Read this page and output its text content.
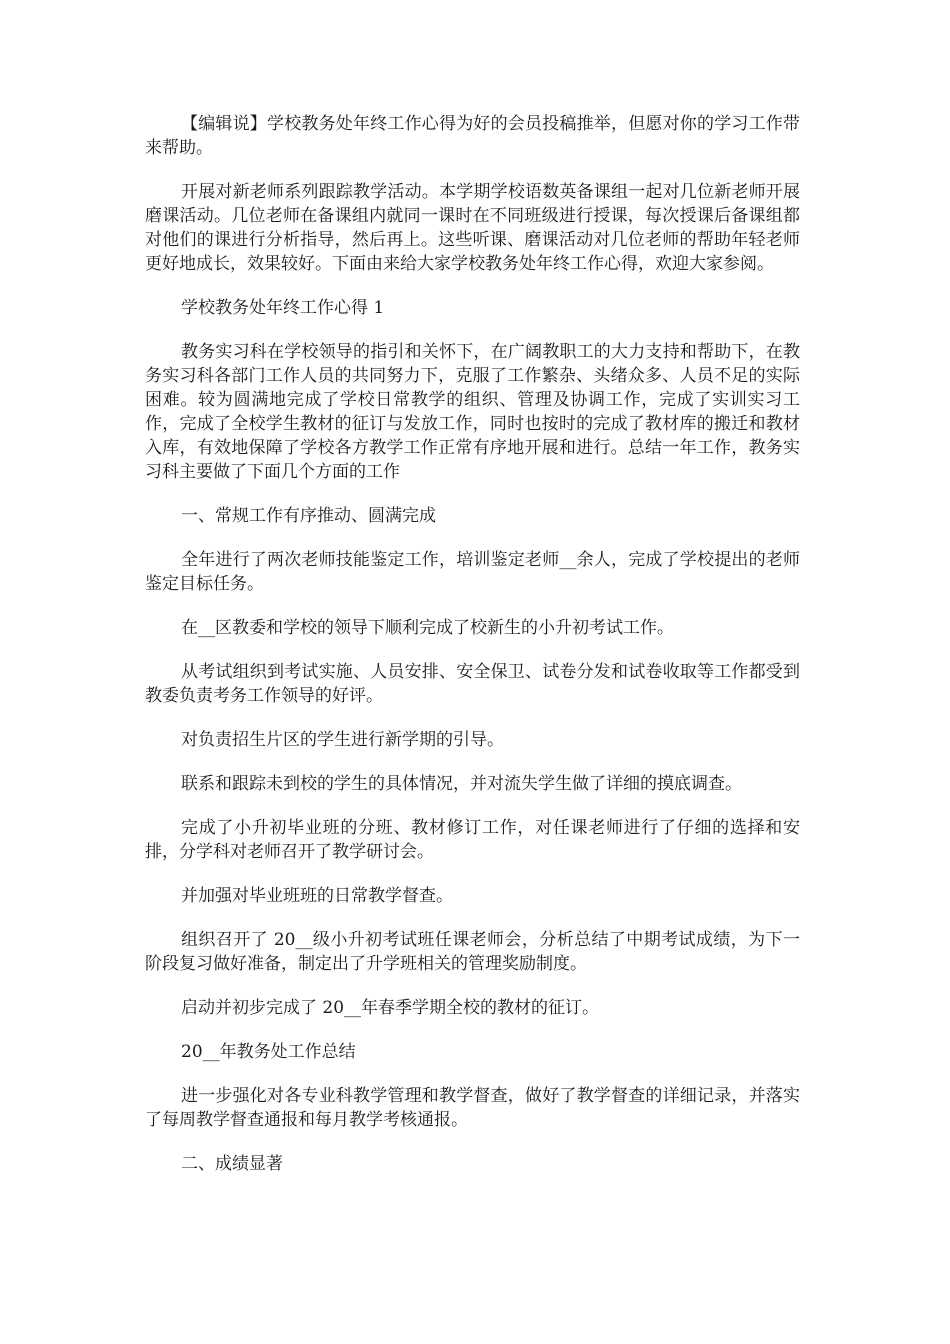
【编辑说】学校教务处年终工作心得为好的会员投稿推举，但愿对你的学习工作带来帮助。

开展对新老师系列跟踪教学活动。本学期学校语数英备课组一起对几位新老师开展磨课活动。几位老师在备课组内就同一课时在不同班级进行授课，每次授课后备课组都对他们的课进行分析指导，然后再上。这些听课、磨课活动对几位老师的帮助年轻老师更好地成长，效果较好。下面由来给大家学校教务处年终工作心得，欢迎大家参阅。

学校教务处年终工作心得 1

教务实习科在学校领导的指引和关怀下，在广阔教职工的大力支持和帮助下，在教务实习科各部门工作人员的共同努力下，克服了工作繁杂、头绪众多、人员不足的实际困难。较为圆满地完成了学校日常教学的组织、管理及协调工作，完成了实训实习工作，完成了全校学生教材的征订与发放工作，同时也按时的完成了教材库的搬迁和教材入库，有效地保障了学校各方教学工作正常有序地开展和进行。总结一年工作，教务实习科主要做了下面几个方面的工作

一、常规工作有序推动、圆满完成

全年进行了两次老师技能鉴定工作，培训鉴定老师__余人，完成了学校提出的老师鉴定目标任务。

在__区教委和学校的领导下顺利完成了校新生的小升初考试工作。

从考试组织到考试实施、人员安排、安全保卫、试卷分发和试卷收取等工作都受到教委负责考务工作领导的好评。

对负责招生片区的学生进行新学期的引导。

联系和跟踪未到校的学生的具体情况，并对流失学生做了详细的摸底调查。

完成了小升初毕业班的分班、教材修订工作，对任课老师进行了仔细的选择和安排，分学科对老师召开了教学研讨会。

并加强对毕业班班的日常教学督查。

组织召开了 20__级小升初考试班任课老师会，分析总结了中期考试成绩，为下一阶段复习做好准备，制定出了升学班相关的管理奖励制度。

启动并初步完成了 20__年春季学期全校的教材的征订。

20__年教务处工作总结

进一步强化对各专业科教学管理和教学督查，做好了教学督查的详细记录，并落实了每周教学督查通报和每月教学考核通报。

二、成绩显著
